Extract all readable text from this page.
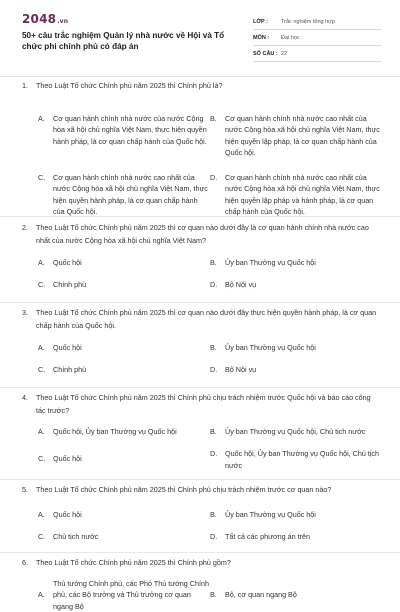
2048.vn
50+ câu trắc nghiệm Quản lý nhà nước về Hội và Tổ chức phi chính phủ có đáp án
LỚP :	Trắc nghiệm tổng hợp
MÔN :	Đại học
SỐ CÂU : 22
1. Theo Luật Tổ chức Chính phủ năm 2025 thì Chính phủ là?
A.	Cơ quan hành chính nhà nước của nước Cộng hòa xã hội chủ nghĩa Việt Nam, thực hiện quyền hành pháp, là cơ quan chấp hành của Quốc hội.
B.	Cơ quan hành chính nhà nước cao nhất của nước Cộng hòa xã hội chủ nghĩa Việt Nam, thực hiện quyền lập pháp, là cơ quan chấp hành của Quốc hội.
C.	Cơ quan hành chính nhà nước cao nhất của nước Cộng hòa xã hội chủ nghĩa Việt Nam, thực hiện quyền hành pháp, là cơ quan chấp hành của Quốc hội.
D.	Cơ quan hành chính nhà nước cao nhất của nước Cộng hòa xã hội chủ nghĩa Việt Nam, thực hiện quyền lập pháp và hành pháp, là cơ quan chấp hành của Quốc hội.
2. Theo Luật Tổ chức Chính phủ năm 2025 thì cơ quan nào dưới đây là cơ quan hành chính nhà nước cao nhất của nước Cộng hòa xã hội chủ nghĩa Việt Nam?
A.	Quốc hội	B.	Ủy ban Thường vụ Quốc hội
C.	Chính phủ	D.	Bộ Nội vụ
3. Theo Luật Tổ chức Chính phủ năm 2025 thì cơ quan nào dưới đây thực hiện quyền hành pháp, là cơ quan chấp hành của Quốc hội.
A.	Quốc hội	B.	Ủy ban Thường vụ Quốc hội
C.	Chính phủ	D.	Bộ Nội vụ
4. Theo Luật Tổ chức Chính phủ năm 2025 thì Chính phủ chịu trách nhiệm trước Quốc hội và báo cáo công tác trước?
A.	Quốc hội, Ủy ban Thường vụ Quốc hội	B.	Ủy ban Thường vụ Quốc hội, Chủ tịch nước
C.	Quốc hội
D.	Quốc hội, Ủy ban Thường vụ Quốc hội, Chủ tịch nước
5. Theo Luật Tổ chức Chính phủ năm 2025 thì Chính phủ chịu trách nhiệm trước cơ quan nào?
A.	Quốc hội	B.	Ủy ban Thường vụ Quốc hội
C.	Chủ tịch nước	D.	Tất cả các phương án trên
6. Theo Luật Tổ chức Chính phủ năm 2025 thì Chính phủ gồm?
A.
Thủ tướng Chính phủ, các Phó Thủ tướng Chính phủ, các Bộ trưởng và Thủ trưởng cơ quan ngang Bộ
B.	Bộ, cơ quan ngang Bộ
